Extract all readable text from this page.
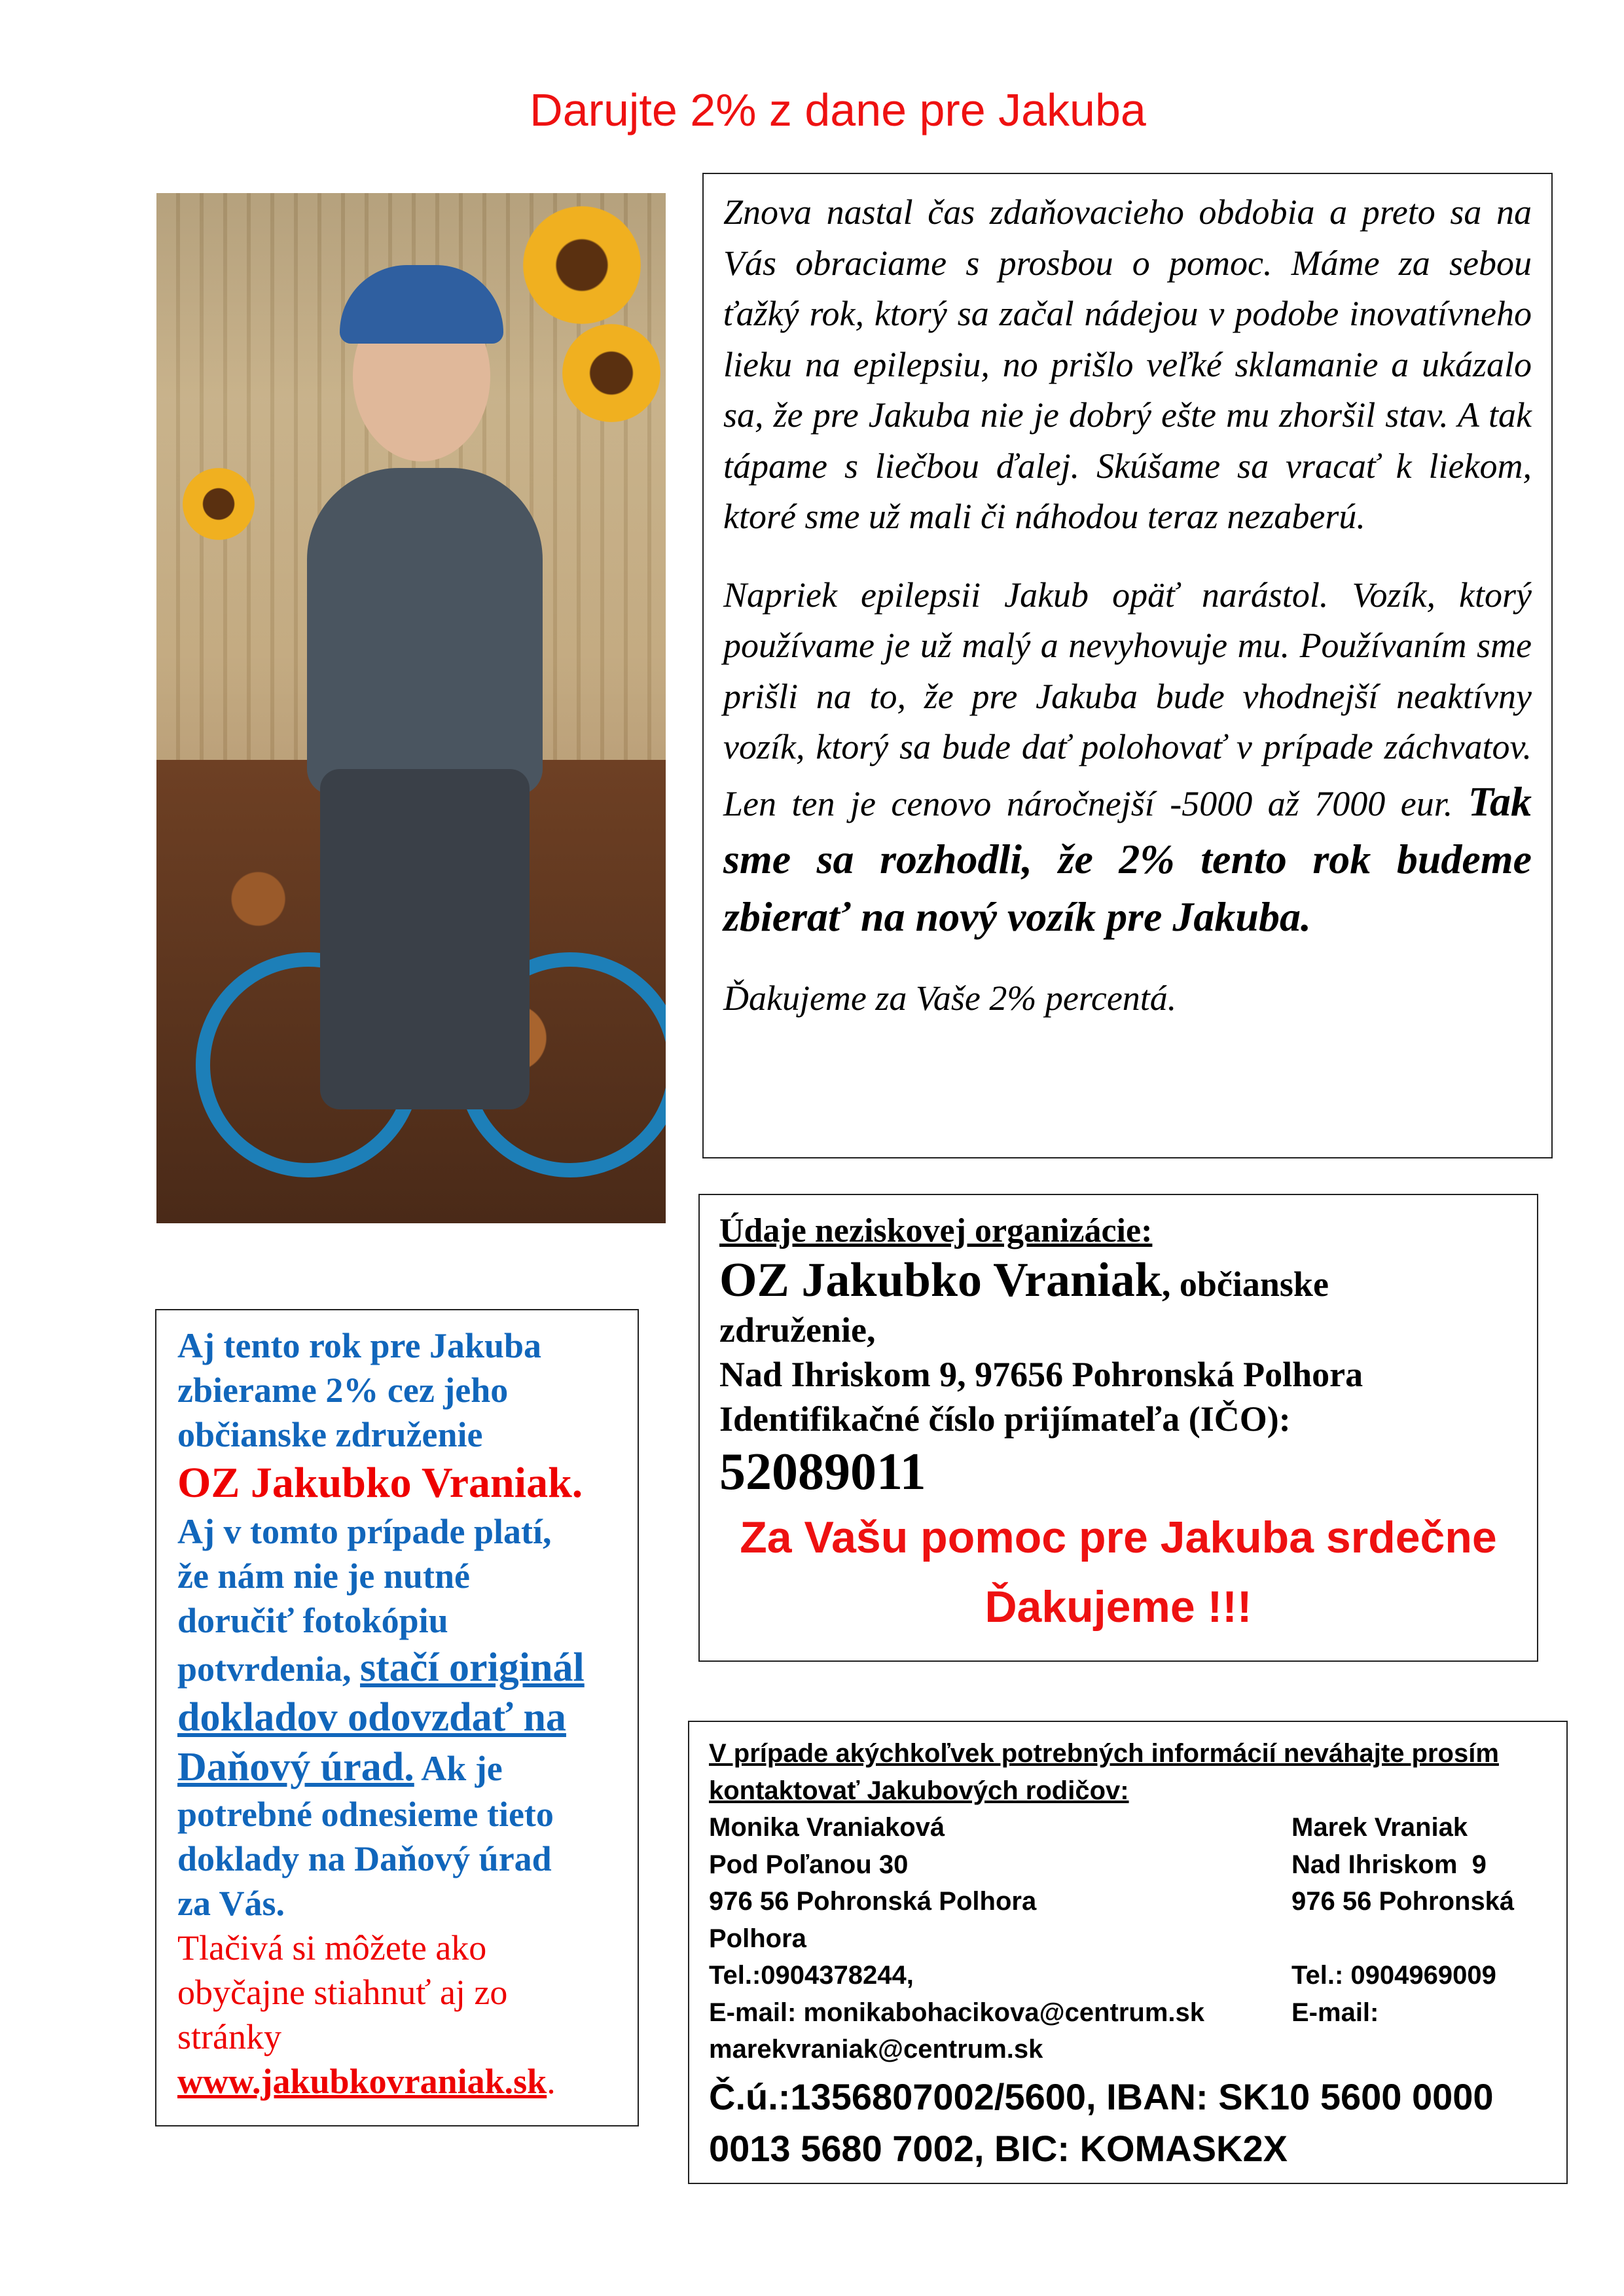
Darujte 2% z dane pre Jakuba

Znova nastal čas zdaňovacieho obdobia a preto sa na Vás obraciame s prosbou o pomoc. Máme za sebou ťažký rok, ktorý sa začal nádejou v podobe inovatívneho lieku na epilepsiu, no prišlo veľké sklamanie a ukázalo sa, že pre Jakuba nie je dobrý ešte mu zhoršil stav. A tak tápame s liečbou ďalej. Skúšame sa vracať k liekom, ktoré sme už mali či náhodou teraz nezaberú.

Napriek epilepsii Jakub opäť narástol. Vozík, ktorý používame je už malý a nevyhovuje mu. Používaním sme prišli na to, že pre Jakuba bude vhodnejší neaktívny vozík, ktorý sa bude dať polohovať v prípade záchvatov. Len ten je cenovo náročnejší -5000 až 7000 eur. Tak sme sa rozhodli, že 2% tento rok budeme zbierať na nový vozík pre Jakuba.

Ďakujeme za Vaše 2% percentá.

Aj tento rok pre Jakuba
zbierame 2% cez jeho
občianske združenie
OZ Jakubko Vraniak.
Aj v tomto prípade platí,
že nám nie je nutné
doručiť fotokópiu
potvrdenia, stačí originál
dokladov odovzdať na
Daňový úrad. Ak je
potrebné odnesieme tieto
doklady na Daňový úrad
za Vás.
Tlačivá si môžete ako
obyčajne stiahnuť aj zo
stránky
www.jakubkovraniak.sk.
Údaje neziskovej organizácie:
OZ Jakubko Vraniak, občianske
združenie,
Nad Ihriskom 9, 97656 Pohronská Polhora
Identifikačné číslo prijímateľa (IČO):
52089011
Za Vašu pomoc pre Jakuba srdečne
Ďakujeme !!!
V prípade akýchkoľvek potrebných informácií neváhajte prosím
kontaktovať Jakubových rodičov:
Monika Vraniaková	Marek Vraniak
Pod Poľanou 30	Nad Ihriskom  9
976 56 Pohronská Polhora	976 56 Pohronská
Polhora
Tel.:0904378244,	Tel.: 0904969009
E-mail: monikabohacikova@centrum.sk	E-mail:
marekvraniak@centrum.sk
Č.ú.:1356807002/5600, IBAN: SK10 5600 0000
0013 5680 7002, BIC: KOMASK2X
